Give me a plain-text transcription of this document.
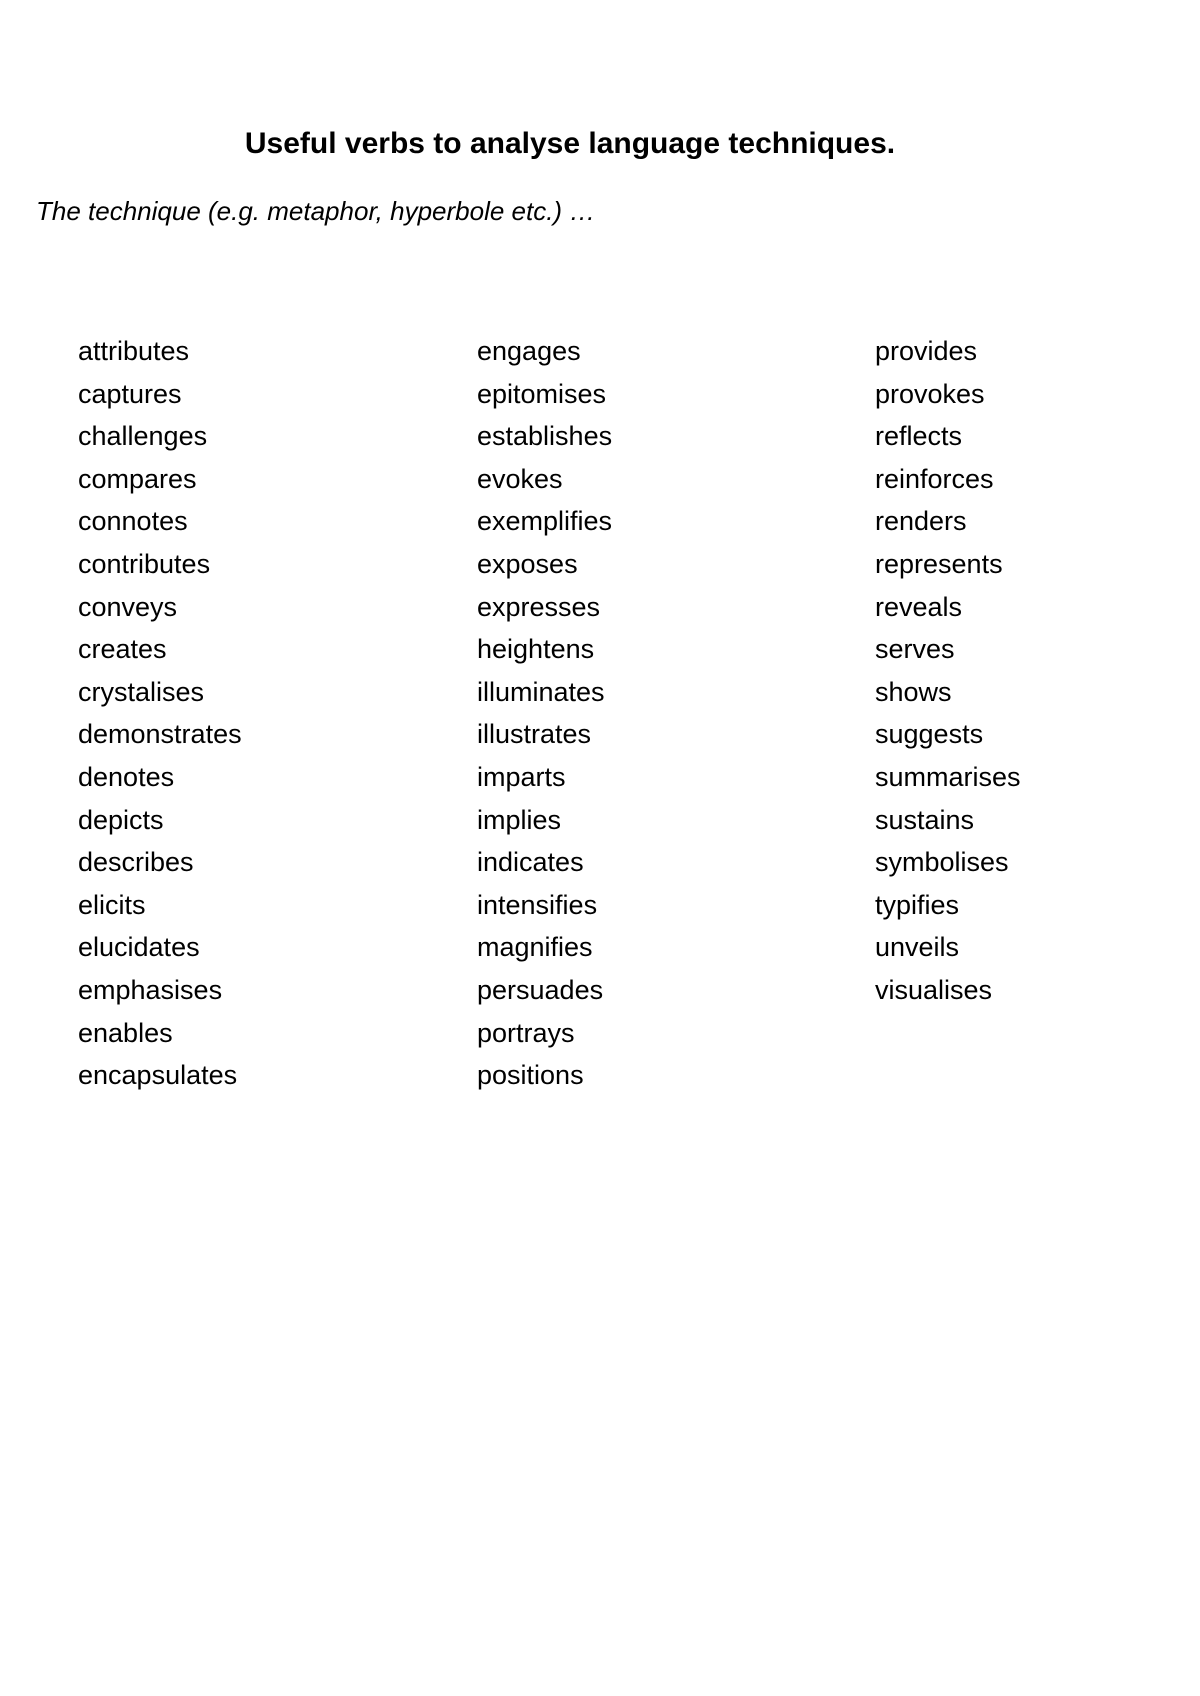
Useful verbs to analyse language techniques.
The technique (e.g. metaphor, hyperbole etc.) …
attributes
captures
challenges
compares
connotes
contributes
conveys
creates
crystalises
demonstrates
denotes
depicts
describes
elicits
elucidates
emphasises
enables
encapsulates
engages
epitomises
establishes
evokes
exemplifies
exposes
expresses
heightens
illuminates
illustrates
imparts
implies
indicates
intensifies
magnifies
persuades
portrays
positions
provides
provokes
reflects
reinforces
renders
represents
reveals
serves
shows
suggests
summarises
sustains
symbolises
typifies
unveils
visualises
